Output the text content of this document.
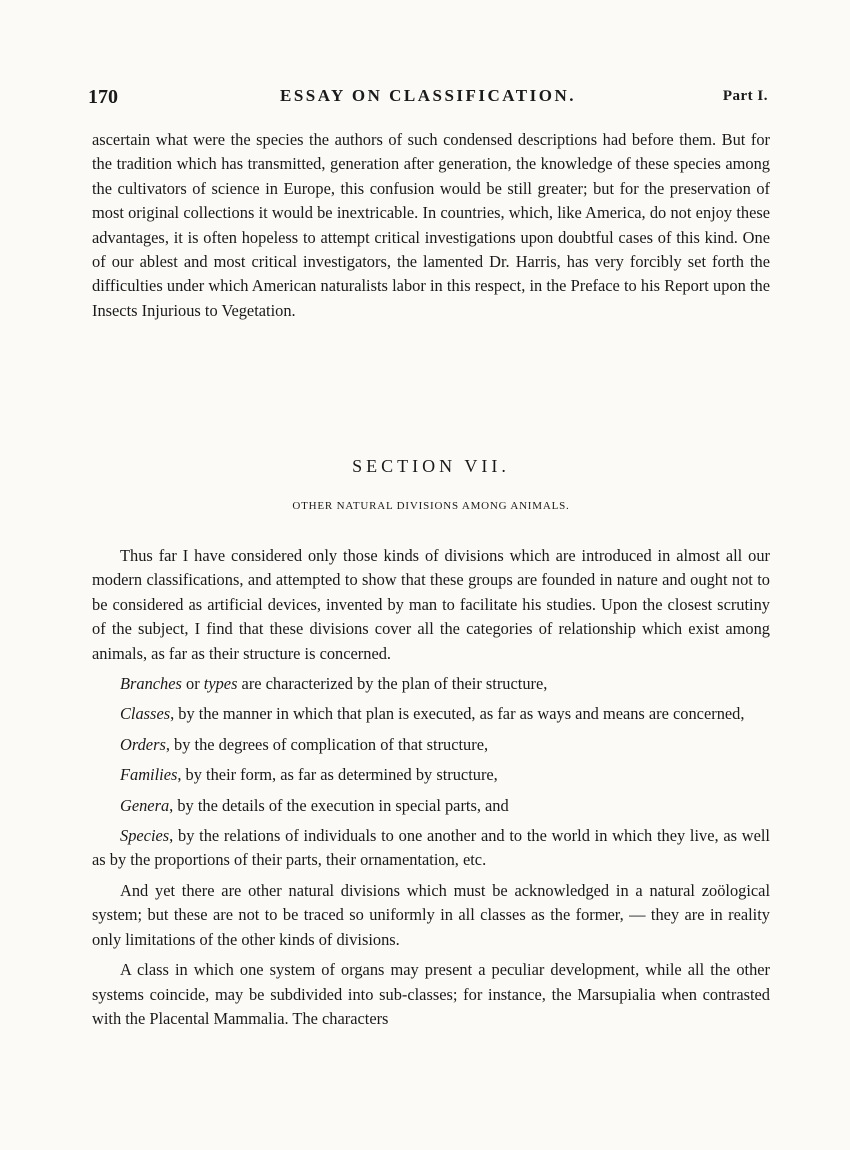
170	ESSAY ON CLASSIFICATION.	Part I.

ascertain what were the species the authors of such condensed descriptions had before them. But for the tradition which has transmitted, generation after generation, the knowledge of these species among the cultivators of science in Europe, this confusion would be still greater; but for the preservation of most original collections it would be inextricable. In countries, which, like America, do not enjoy these advantages, it is often hopeless to attempt critical investigations upon doubtful cases of this kind. One of our ablest and most critical investigators, the lamented Dr. Harris, has very forcibly set forth the difficulties under which American naturalists labor in this respect, in the Preface to his Report upon the Insects Injurious to Vegetation.

SECTION VII.
OTHER NATURAL DIVISIONS AMONG ANIMALS.

Thus far I have considered only those kinds of divisions which are introduced in almost all our modern classifications, and attempted to show that these groups are founded in nature and ought not to be considered as artificial devices, invented by man to facilitate his studies. Upon the closest scrutiny of the subject, I find that these divisions cover all the categories of relationship which exist among animals, as far as their structure is concerned.

Branches or types are characterized by the plan of their structure,

Classes, by the manner in which that plan is executed, as far as ways and means are concerned,

Orders, by the degrees of complication of that structure,

Families, by their form, as far as determined by structure,

Genera, by the details of the execution in special parts, and

Species, by the relations of individuals to one another and to the world in which they live, as well as by the proportions of their parts, their ornamentation, etc.

And yet there are other natural divisions which must be acknowledged in a natural zoölogical system; but these are not to be traced so uniformly in all classes as the former, — they are in reality only limitations of the other kinds of divisions.

A class in which one system of organs may present a peculiar development, while all the other systems coincide, may be subdivided into sub-classes; for instance, the Marsupialia when contrasted with the Placental Mammalia. The characters
